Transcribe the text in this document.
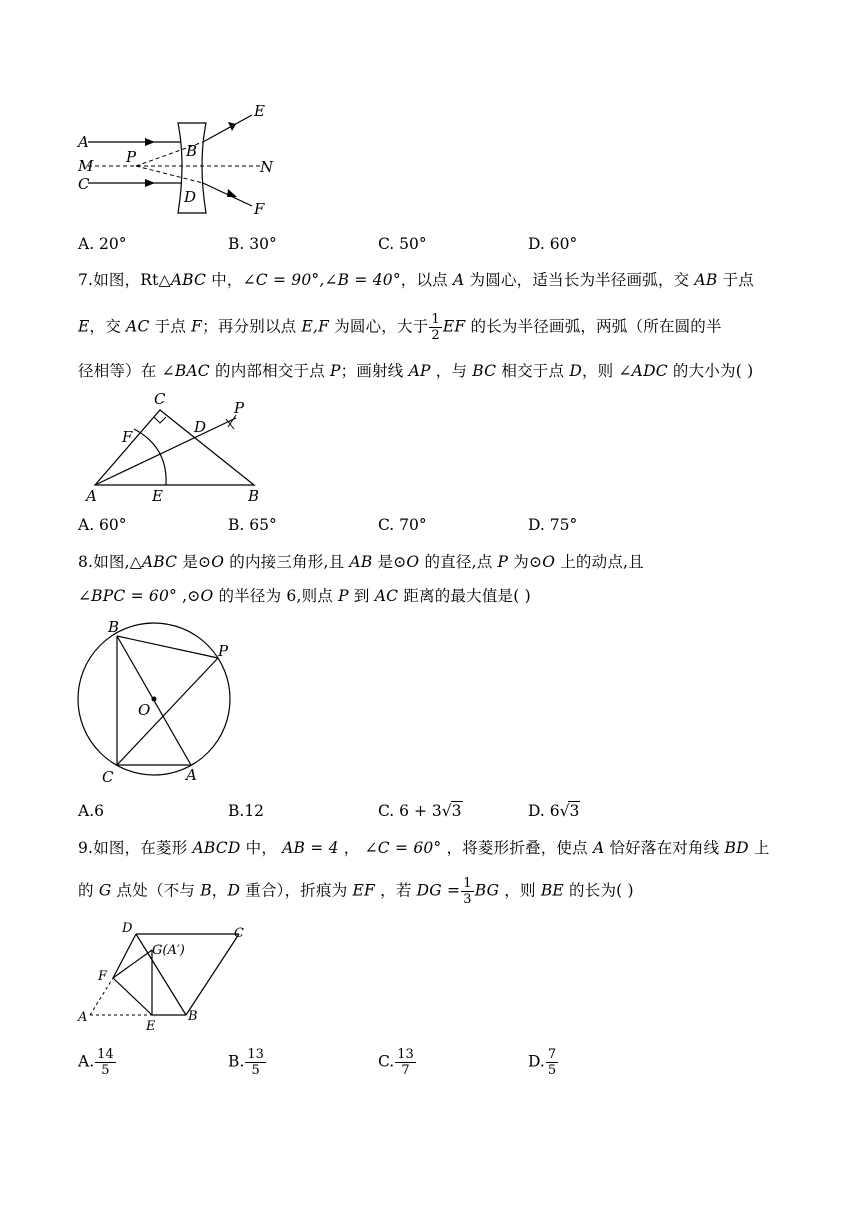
A
M
C
P	B
D
E
N
F
A. 20°	B. 30°	C. 50°	D. 60°
7.如图，Rt△ABC 中，∠C = 90°,∠B = 40°，以点 A 为圆心，适当长为半径画弧，交 AB 于点
E，交 AC 于点 F；再分别以点 E,F 为圆心，大于 $\frac{1}{2}$ EF 的长为半径画弧，两弧（所在圆的半
径相等）在 ∠BAC 的内部相交于点 P；画射线 AP ，与 BC 相交于点 D，则 ∠ADC 的大小为( )
C	P
F
D
A	E	B
A. 60°	B. 65°	C. 70°	D. 75°
8.如图,△ABC 是⊙O 的内接三角形,且 AB 是⊙O 的直径,点 P 为⊙O 上的动点,且
∠BPC = 60° ,⊙O 的半径为 6,则点 P 到 AC 距离的最大值是( )
B
P
O
C	A
A.6	B.12	C. 6 + 3√3	D. 6√3
9.如图，在菱形 ABCD 中， AB = 4 ， ∠C = 60° ，将菱形折叠，使点 A 恰好落在对角线 BD 上
的 G 点处（不与 B，D 重合），折痕为 EF ，若 DG = $\frac{1}{3}$ BG ，则 BE 的长为( )
D
G(A′)
C
F
A
E
B
A. $\frac{14}{5}$	B. $\frac{13}{5}$	C. $\frac{13}{7}$	D. $\frac{7}{5}$
